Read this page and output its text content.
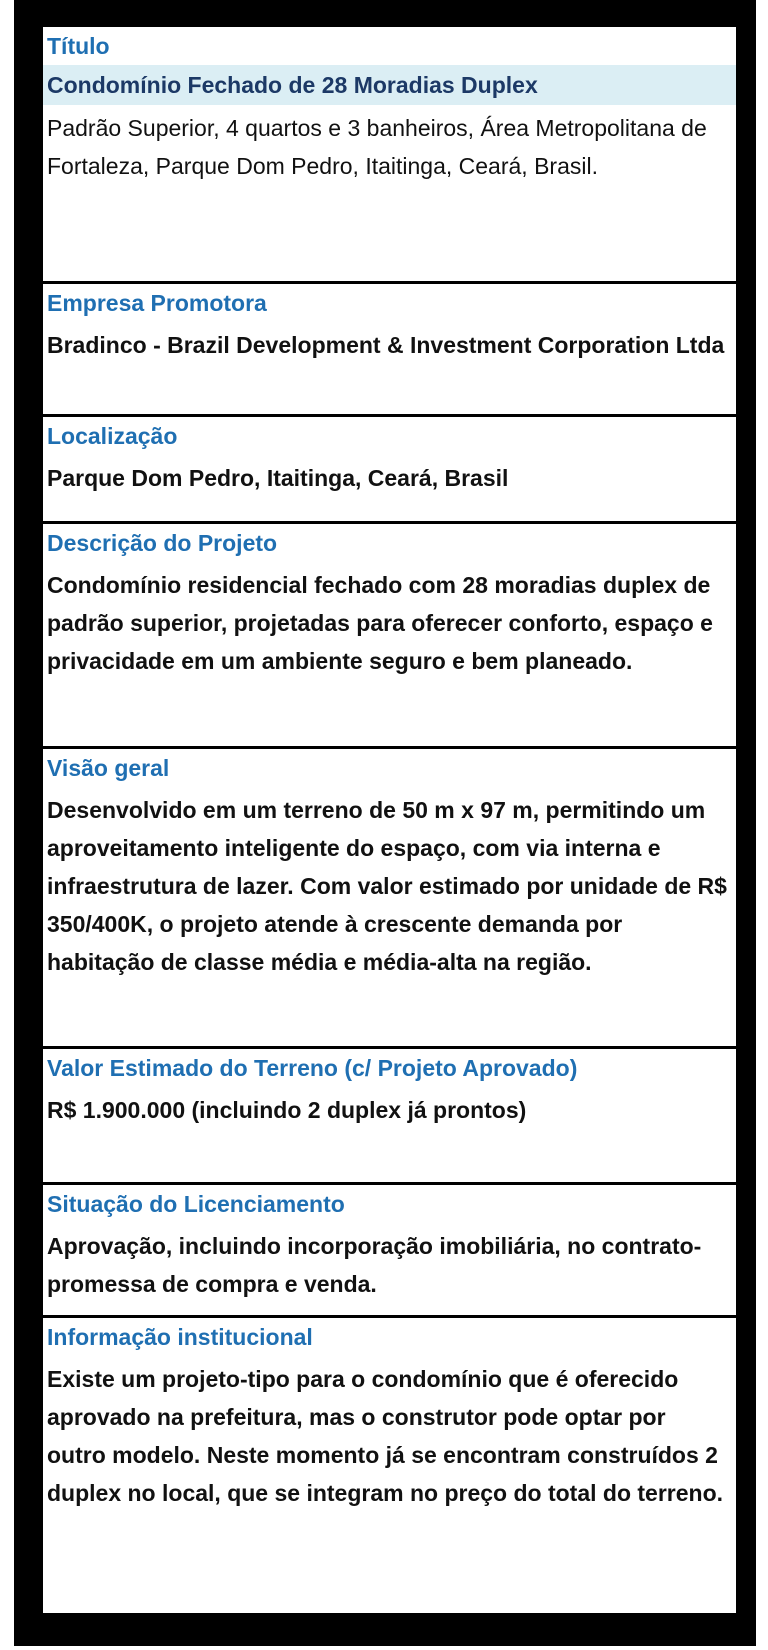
Título

Condomínio Fechado de 28 Moradias Duplex

Padrão Superior, 4 quartos e 3 banheiros, Área Metropolitana de Fortaleza, Parque Dom Pedro, Itaitinga, Ceará, Brasil.

Empresa Promotora

Bradinco - Brazil Development & Investment Corporation Ltda

Localização

Parque Dom Pedro, Itaitinga, Ceará, Brasil

Descrição do Projeto

Condomínio residencial fechado com 28 moradias duplex de padrão superior, projetadas para oferecer conforto, espaço e privacidade em um ambiente seguro e bem planeado.

Visão geral

Desenvolvido em um terreno de 50 m x 97 m, permitindo um aproveitamento inteligente do espaço, com via interna e infraestrutura de lazer. Com valor estimado por unidade de R$ 350/400K, o projeto atende à crescente demanda por habitação de classe média e média-alta na região.

Valor Estimado do Terreno (c/ Projeto Aprovado)

R$ 1.900.000 (incluindo 2 duplex já prontos)

Situação do Licenciamento

Aprovação, incluindo incorporação imobiliária, no contrato-promessa de compra e venda.

Informação institucional

Existe um projeto-tipo para o condomínio que é oferecido aprovado na prefeitura, mas o construtor pode optar por outro modelo. Neste momento já se encontram construídos 2 duplex no local, que se integram no preço do total do terreno.
